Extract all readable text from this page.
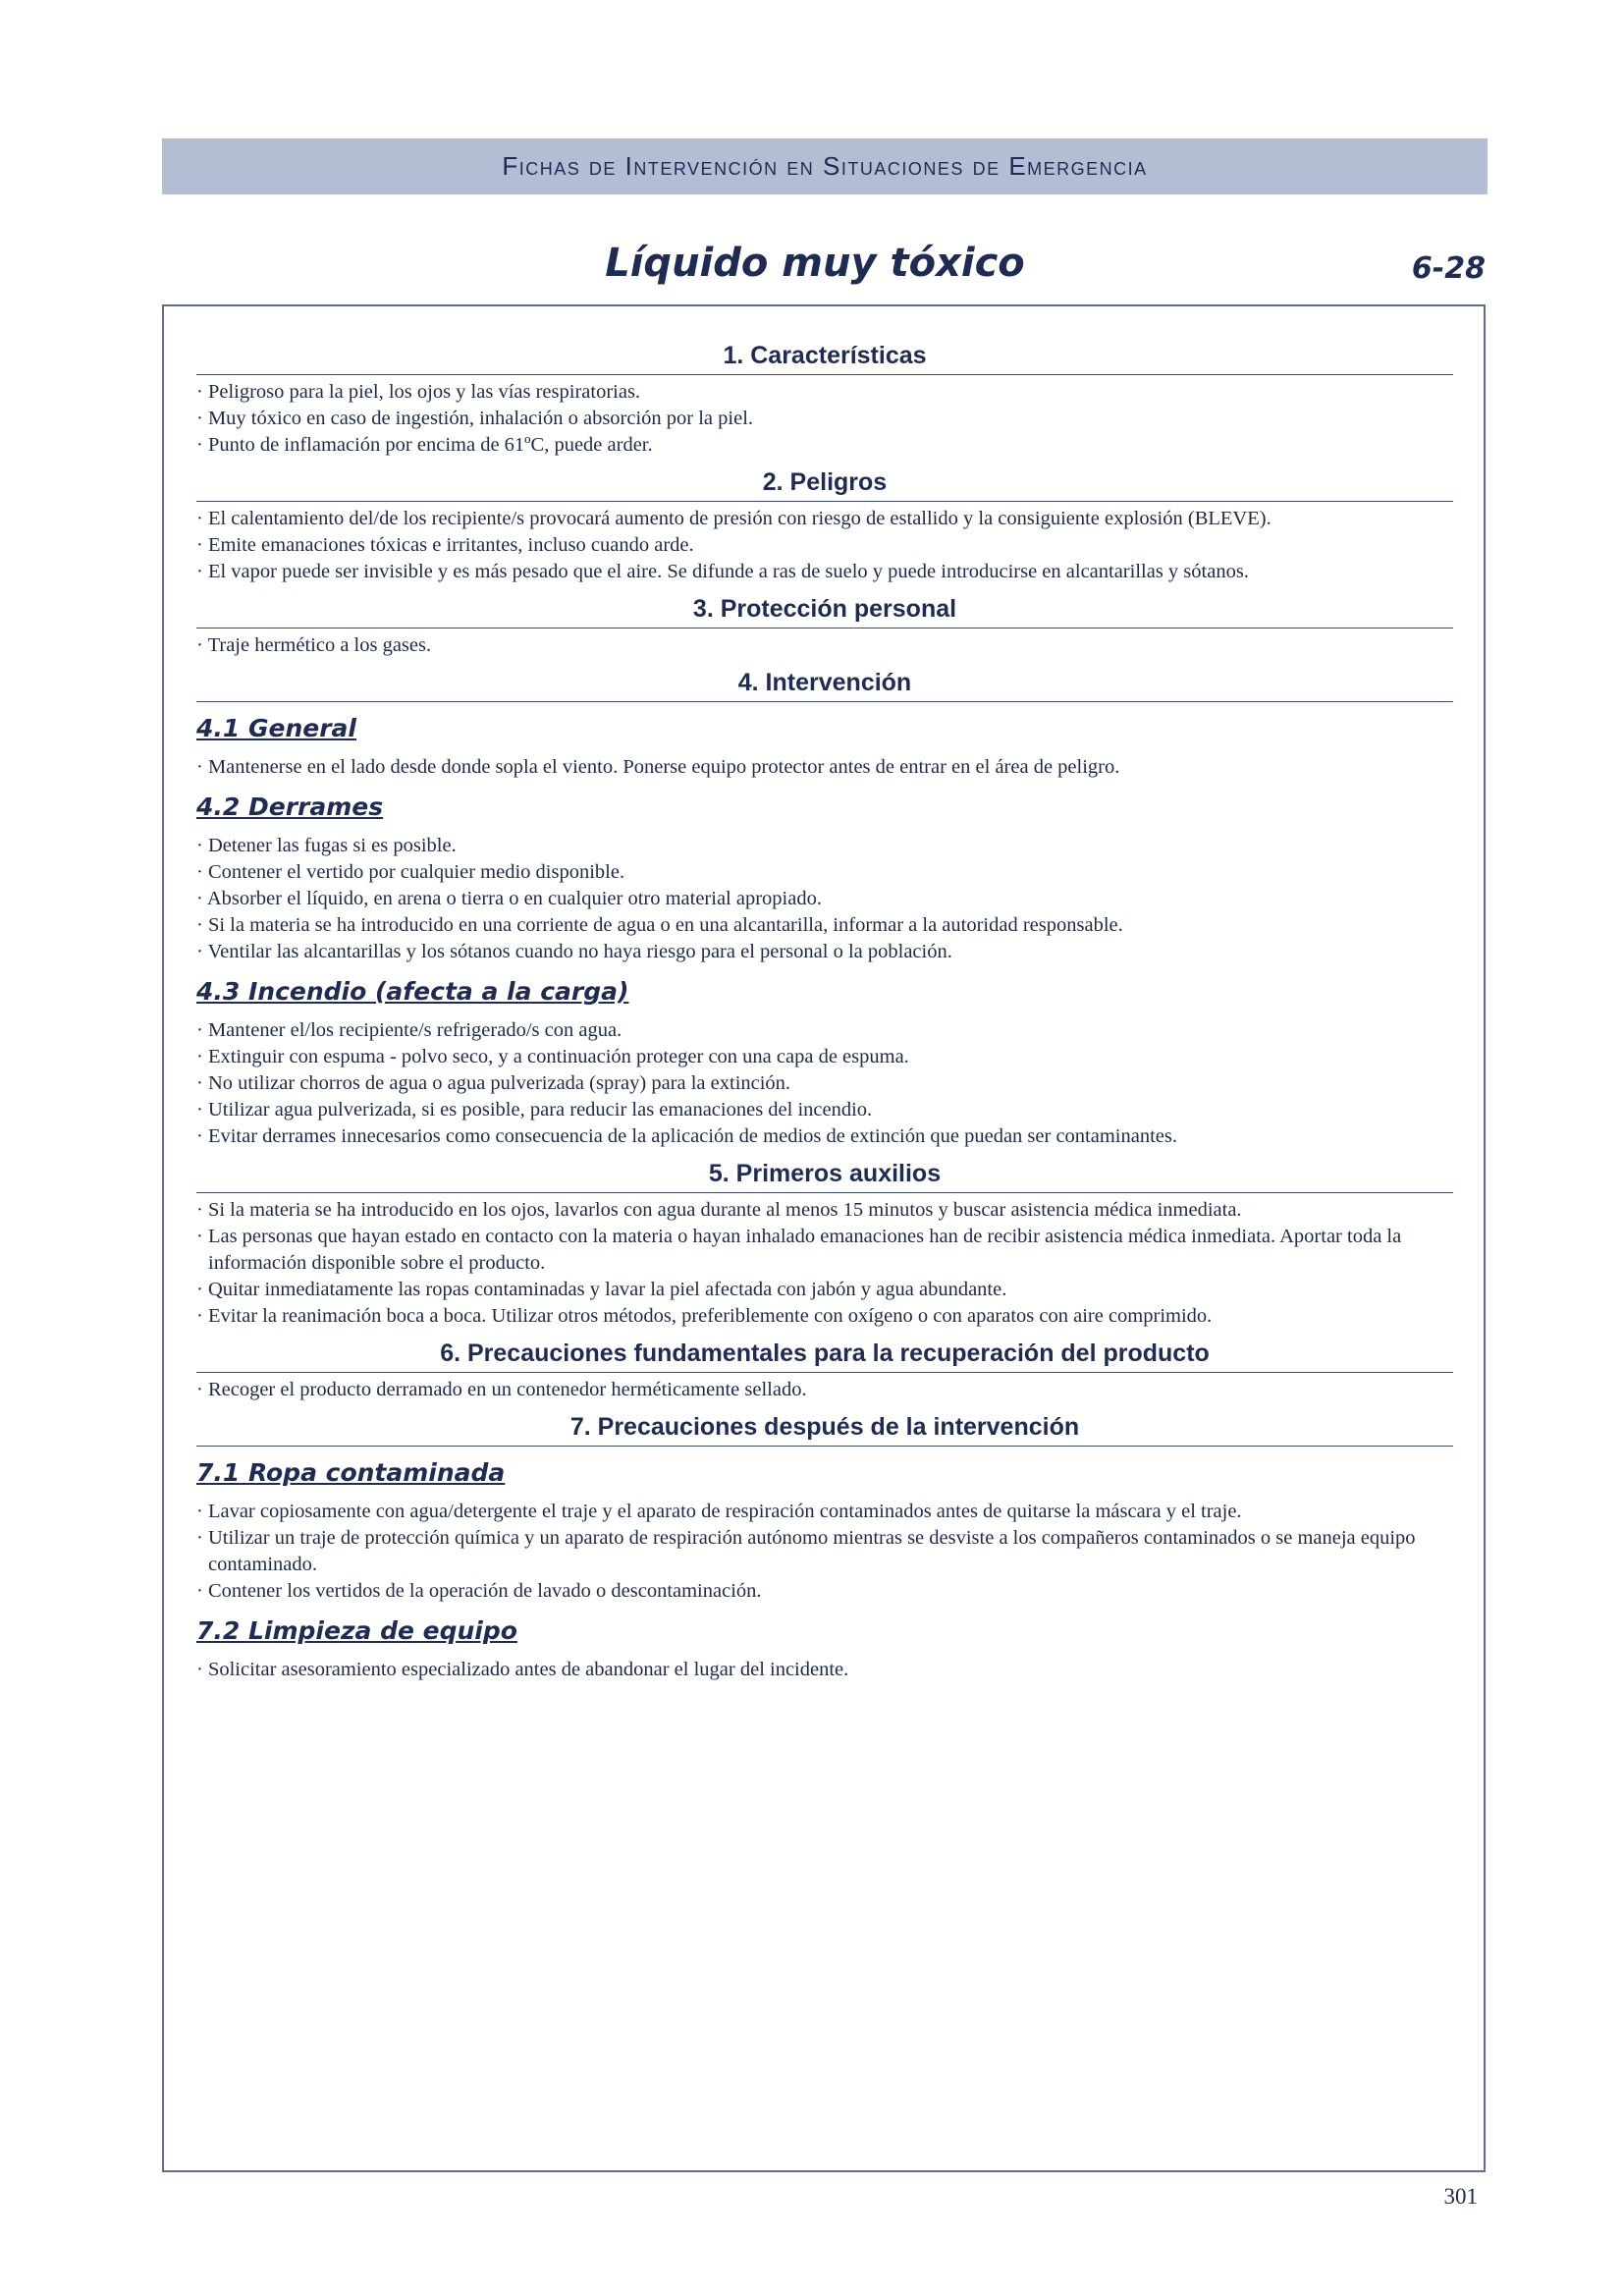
Fichas de Intervención en Situaciones de Emergencia
Líquido muy tóxico	6-28
1. Características
· Peligroso para la piel, los ojos y las vías respiratorias.
· Muy tóxico en caso de ingestión, inhalación o absorción por la piel.
· Punto de inflamación por encima de 61ºC, puede arder.
2. Peligros
· El calentamiento del/de los recipiente/s provocará aumento de presión con riesgo de estallido y la consiguiente explosión (BLEVE).
· Emite emanaciones tóxicas e irritantes, incluso cuando arde.
· El vapor puede ser invisible y es más pesado que el aire. Se difunde a ras de suelo y puede introducirse en alcantarillas y sótanos.
3. Protección personal
· Traje hermético a los gases.
4. Intervención
4.1 General
· Mantenerse en el lado desde donde sopla el viento. Ponerse equipo protector antes de entrar en el área de peligro.
4.2 Derrames
· Detener las fugas si es posible.
· Contener el vertido por cualquier medio disponible.
· Absorber el líquido, en arena o tierra o en cualquier otro material apropiado.
· Si la materia se ha introducido en una corriente de agua o en una alcantarilla, informar a la autoridad responsable.
· Ventilar las alcantarillas y los sótanos cuando no haya riesgo para el personal o la población.
4.3 Incendio (afecta a la carga)
· Mantener el/los recipiente/s refrigerado/s con agua.
· Extinguir con espuma - polvo seco, y a continuación proteger con una capa de espuma.
· No utilizar chorros de agua o agua pulverizada (spray) para la extinción.
· Utilizar agua pulverizada, si es posible, para reducir las emanaciones del incendio.
· Evitar derrames innecesarios como consecuencia de la aplicación de medios de extinción que puedan ser contaminantes.
5. Primeros auxilios
· Si la materia se ha introducido en los ojos, lavarlos con agua durante al menos 15 minutos y buscar asistencia médica inmediata.
· Las personas que hayan estado en contacto con la materia o hayan inhalado emanaciones han de recibir asistencia médica inmediata. Aportar toda la información disponible sobre el producto.
· Quitar inmediatamente las ropas contaminadas y lavar la piel afectada con jabón y agua abundante.
· Evitar la reanimación boca a boca. Utilizar otros métodos, preferiblemente con oxígeno o con aparatos con aire comprimido.
6. Precauciones fundamentales para la recuperación del producto
· Recoger el producto derramado en un contenedor herméticamente sellado.
7. Precauciones después de la intervención
7.1 Ropa contaminada
· Lavar copiosamente con agua/detergente el traje y el aparato de respiración contaminados antes de quitarse la máscara y el traje.
· Utilizar un traje de protección química y un aparato de respiración autónomo mientras se desviste a los compañeros contaminados o se maneja equipo contaminado.
· Contener los vertidos de la operación de lavado o descontaminación.
7.2 Limpieza de equipo
· Solicitar asesoramiento especializado antes de abandonar el lugar del incidente.
301
